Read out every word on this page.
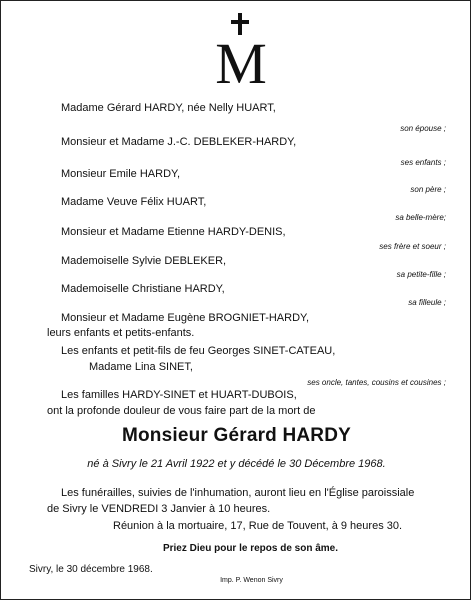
M
Madame Gérard HARDY, née Nelly HUART,
son épouse ;
Monsieur et Madame J.-C. DEBLEKER-HARDY,
ses enfants ;
Monsieur Emile HARDY,
son père ;
Madame Veuve Félix HUART,
sa belle-mère;
Monsieur et Madame Etienne HARDY-DENIS,
ses frère et soeur ;
Mademoiselle Sylvie DEBLEKER,
sa petite-fille ;
Mademoiselle Christiane HARDY,
sa filleule ;
Monsieur et Madame Eugène BROGNIET-HARDY,
leurs enfants et petits-enfants.
Les enfants et petit-fils de feu Georges SINET-CATEAU,
Madame Lina SINET,
ses oncle, tantes, cousins et cousines ;
Les familles HARDY-SINET et HUART-DUBOIS,
ont la profonde douleur de vous faire part de la mort de
Monsieur Gérard HARDY
né à Sivry le 21 Avril 1922 et y décédé le 30 Décembre 1968.
Les funérailles, suivies de l'inhumation, auront lieu en l'Église paroissiale
de Sivry le VENDREDI 3 Janvier à 10 heures.
Réunion à la mortuaire, 17, Rue de Touvent, à 9 heures 30.
Priez Dieu pour le repos de son âme.
Sivry, le 30 décembre 1968.
Imp. P. Wenon Sivry
